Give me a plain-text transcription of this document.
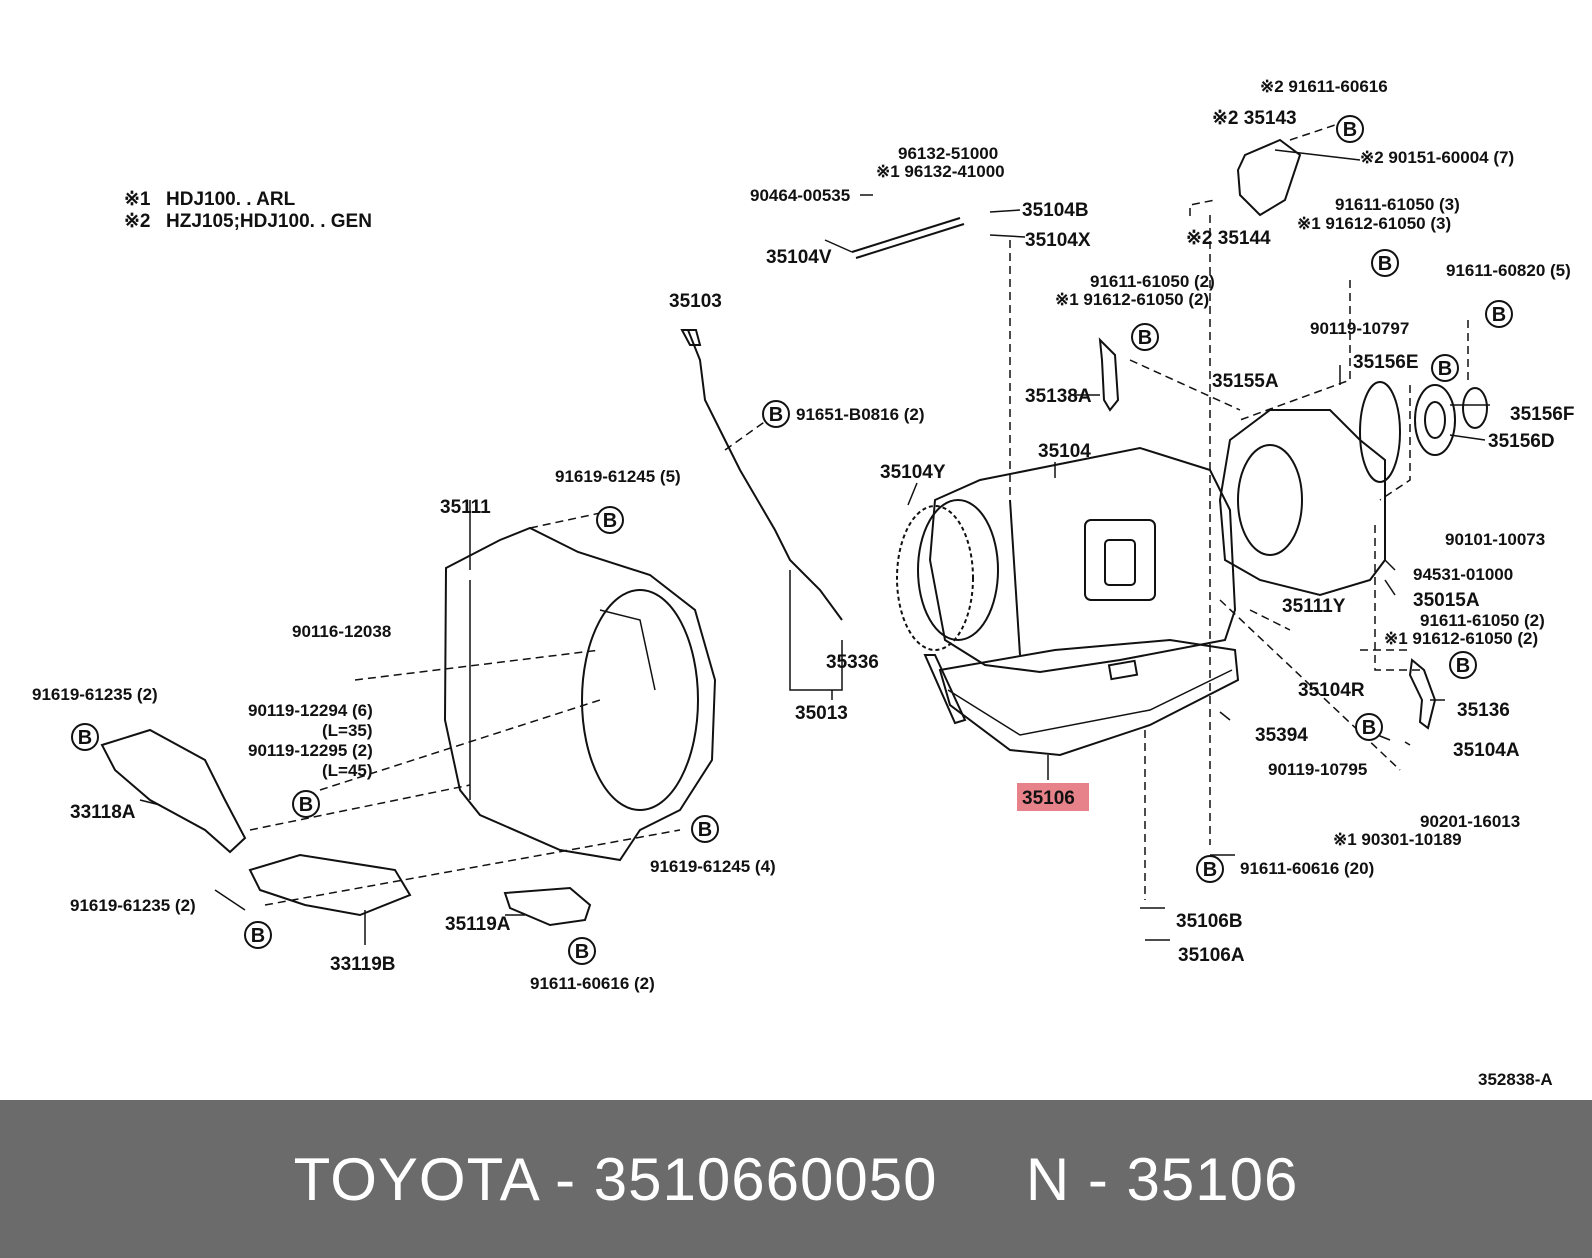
※1 HDJ100. . ARL
※2 HZJ105;HDJ100. . GEN
B
B
B
B
B
B
B
B
B	B
B
B
B
B
B
※2 91611-60616
※2 35143
※2 90151-60004 (7)
96132-51000
※1 96132-41000
90464-00535
35104B
※2 35144
91611-61050 (3)
※1 91612-61050 (3)
35104X
35104V
91611-60820 (5)
91611-61050 (2)
※1 91612-61050 (2)
35103
90119-10797
35156E
35155A
35138A
35156F
91651-B0816 (2)
35156D
35104
35104Y
91619-61245 (5)
35111
90101-10073
94531-01000
35015A
35111Y
90116-12038
91611-61050 (2)
※1 91612-61050 (2)
35336
91619-61235 (2)	35104R
90119-12294 (6)
(L=35)
35013	35136
90119-12295 (2)
(L=45)
35394
35104A
90119-10795
35106
33118A	90201-16013
※1 90301-10189
91619-61245 (4)	91611-60616 (20)
91619-61235 (2)
35106B
35119A
35106A
33119B
91611-60616 (2)
352838-A
TOYOTA - 3510660050     N - 35106
